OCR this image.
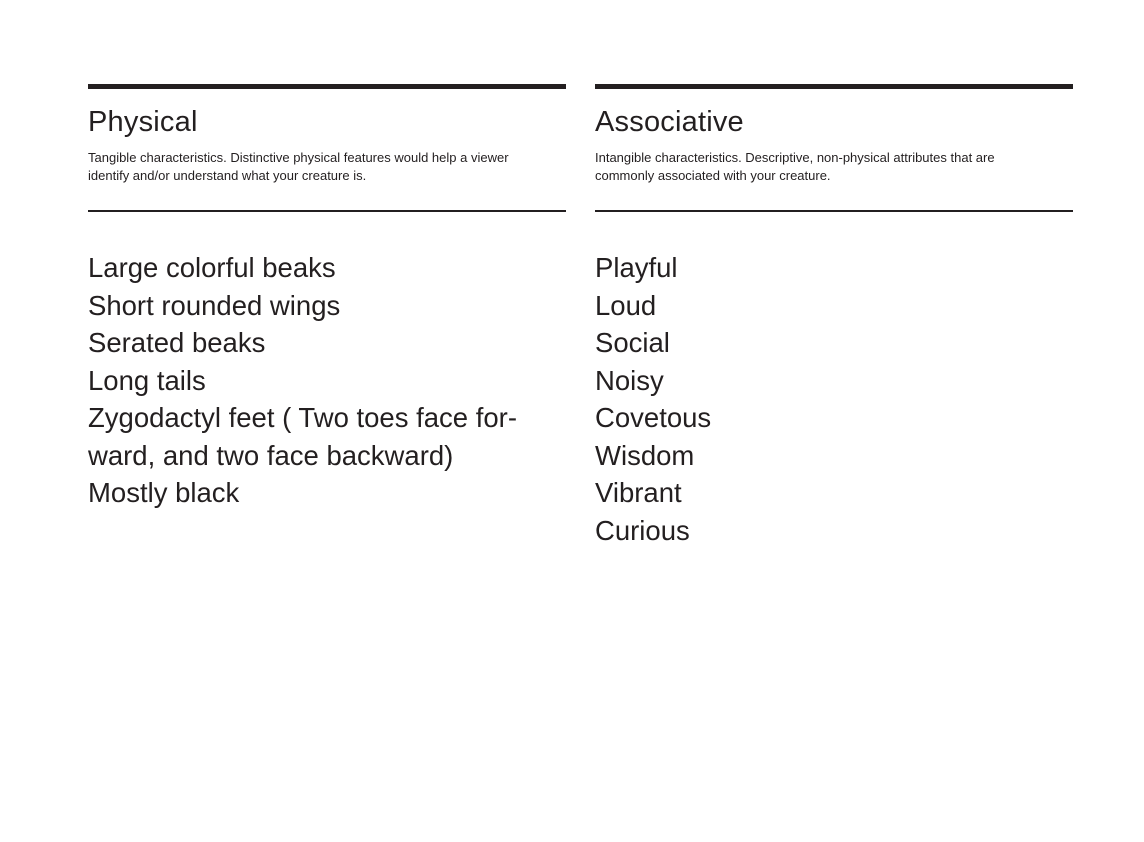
Physical
Tangible characteristics. Distinctive physical features would help a viewer
identify and/or understand what your creature is.
Large colorful beaks
Short rounded wings
Serated beaks
Long tails
Zygodactyl feet ( Two toes face for-
ward, and two face backward)
Mostly black
Associative
Intangible characteristics. Descriptive, non-physical attributes that are
commonly associated with your creature.
Playful
Loud
Social
Noisy
Covetous
Wisdom
Vibrant
Curious
